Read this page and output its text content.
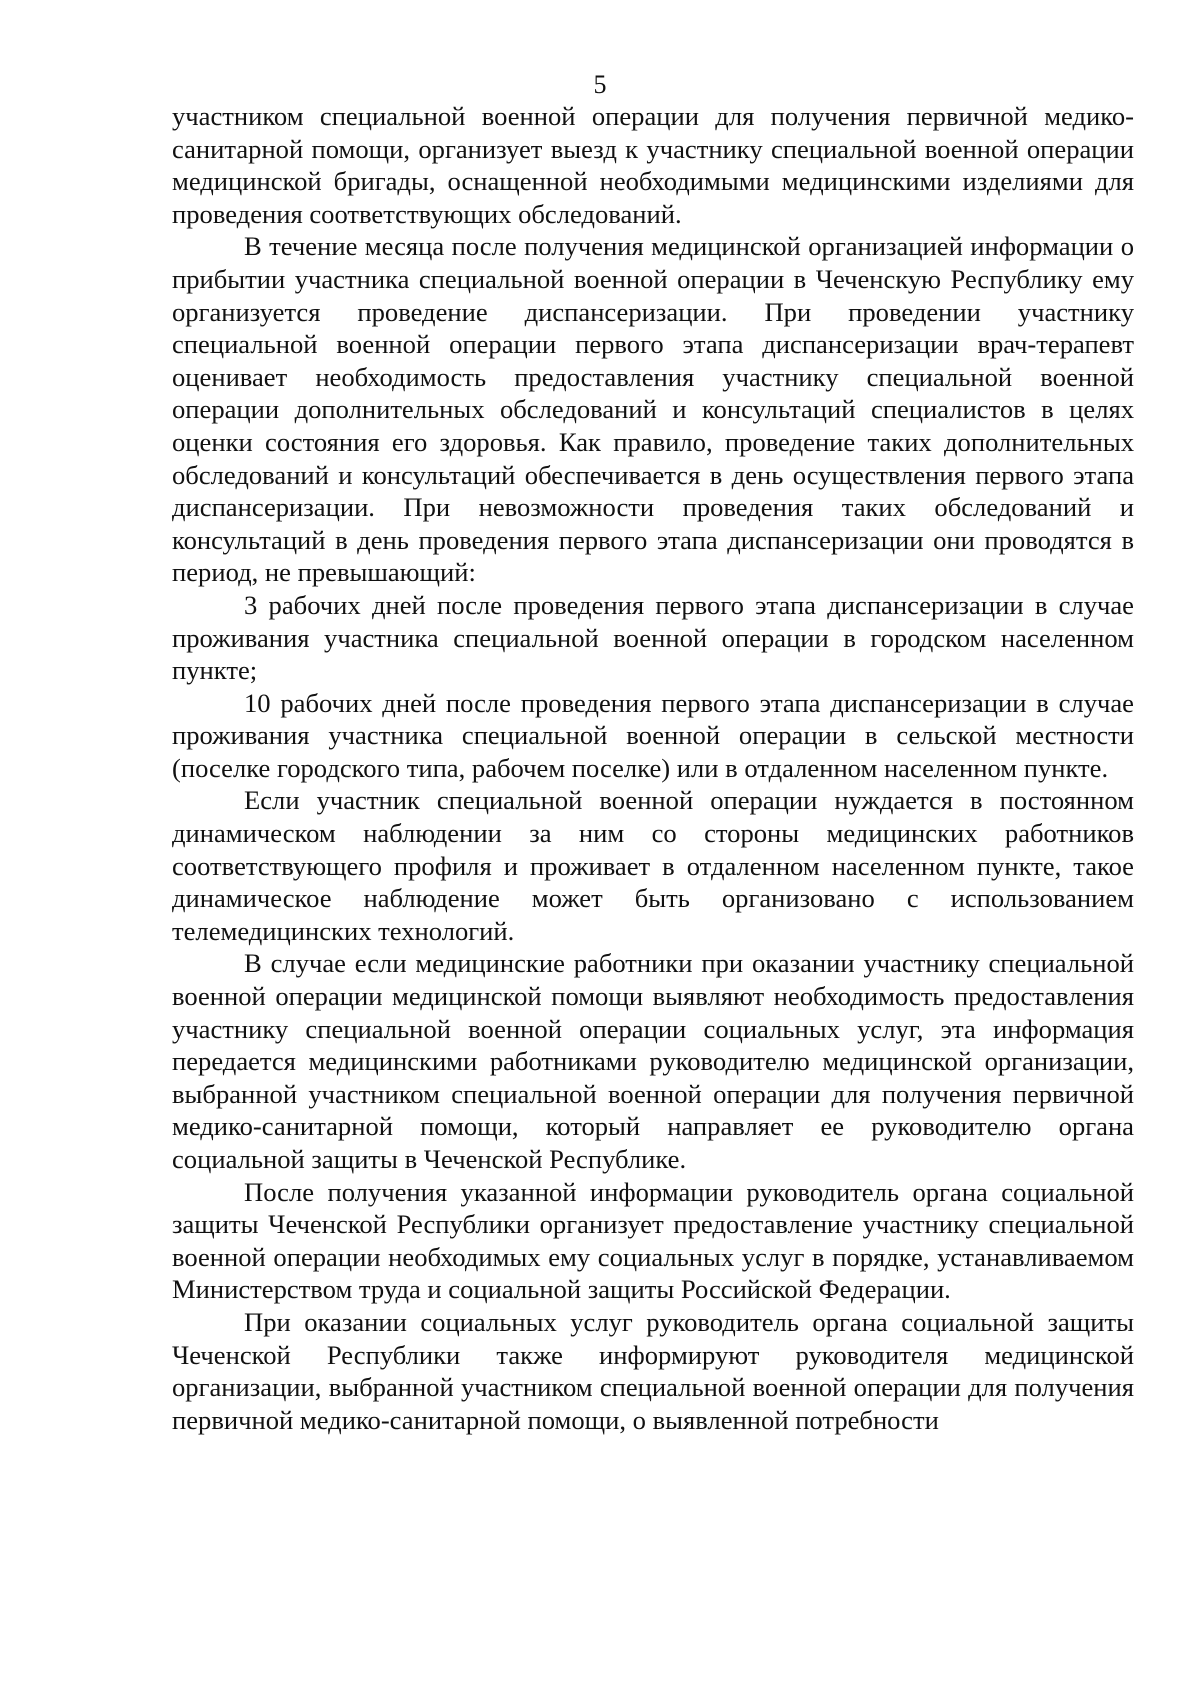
5

участником специальной военной операции для получения первичной медико-санитарной помощи, организует выезд к участнику специальной военной операции медицинской бригады, оснащенной необходимыми медицинскими изделиями для проведения соответствующих обследований.

В течение месяца после получения медицинской организацией информации о прибытии участника специальной военной операции в Чеченскую Республику ему организуется проведение диспансеризации. При проведении участнику специальной военной операции первого этапа диспансеризации врач-терапевт оценивает необходимость предоставления участнику специальной военной операции дополнительных обследований и консультаций специалистов в целях оценки состояния его здоровья. Как правило, проведение таких дополнительных обследований и консультаций обеспечивается в день осуществления первого этапа диспансеризации. При невозможности проведения таких обследований и консультаций в день проведения первого этапа диспансеризации они проводятся в период, не превышающий:

3 рабочих дней после проведения первого этапа диспансеризации в случае проживания участника специальной военной операции в городском населенном пункте;

10 рабочих дней после проведения первого этапа диспансеризации в случае проживания участника специальной военной операции в сельской местности (поселке городского типа, рабочем поселке) или в отдаленном населенном пункте.

Если участник специальной военной операции нуждается в постоянном динамическом наблюдении за ним со стороны медицинских работников соответствующего профиля и проживает в отдаленном населенном пункте, такое динамическое наблюдение может быть организовано с использованием телемедицинских технологий.

В случае если медицинские работники при оказании участнику специальной военной операции медицинской помощи выявляют необходимость предоставления участнику специальной военной операции социальных услуг, эта информация передается медицинскими работниками руководителю медицинской организации, выбранной участником специальной военной операции для получения первичной медико-санитарной помощи, который направляет ее руководителю органа социальной защиты в Чеченской Республике.

После получения указанной информации руководитель органа социальной защиты Чеченской Республики организует предоставление участнику специальной военной операции необходимых ему социальных услуг в порядке, устанавливаемом Министерством труда и социальной защиты Российской Федерации.

При оказании социальных услуг руководитель органа социальной защиты Чеченской Республики также информируют руководителя медицинской организации, выбранной участником специальной военной операции для получения первичной медико-санитарной помощи, о выявленной потребности
